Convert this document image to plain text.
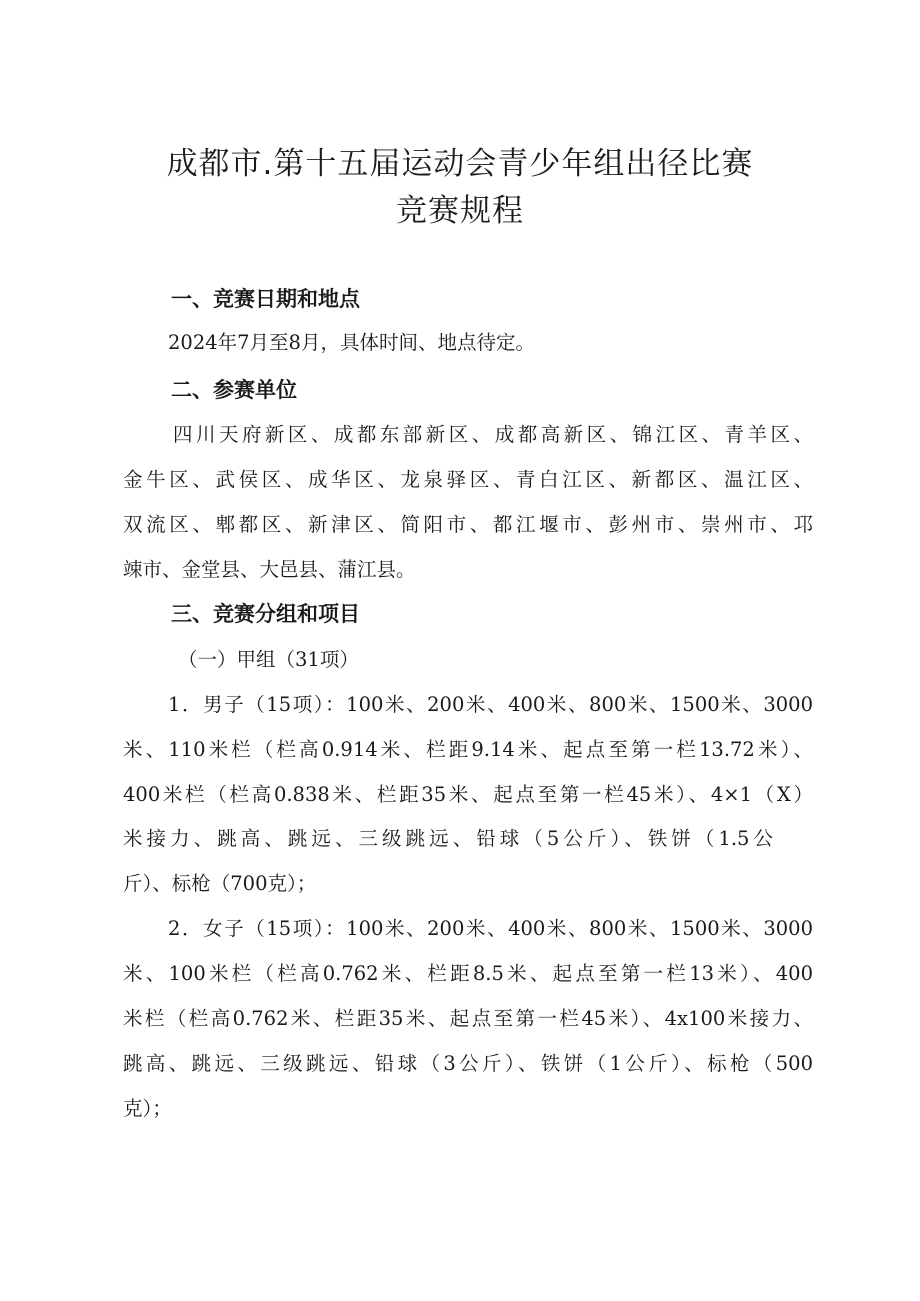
成都市.第十五届运动会青少年组出径比赛
竞赛规程
一、竞赛日期和地点
2024年7月至8月，具体时间、地点待定。
二、参赛单位
四川天府新区、成都东部新区、成都高新区、锦江区、青羊区、
金牛区、武侯区、成华区、龙泉驿区、青白江区、新都区、温江区、
双流区、郫都区、新津区、简阳市、都江堰市、彭州市、崇州市、邛
竦市、金堂县、大邑县、蒲江县。
三、竞赛分组和项目
（一）甲组（31项）
1．男子（15项）：100米、200米、400米、800米、1500米、3000
米、110米栏（栏高0.914米、栏距9.14米、起点至第一栏13.72米）、
400米栏（栏高0.838米、栏距35米、起点至第一栏45米）、4×1（X）
米接力、跳高、跳远、三级跳远、铅球（5公斤）、铁饼（1.5公
斤）、标枪（700克）；
2．女子（15项）：100米、200米、400米、800米、1500米、3000
米、100米栏（栏高0.762米、栏距8.5米、起点至第一栏13米）、400
米栏（栏高0.762米、栏距35米、起点至第一栏45米）、4x100米接力、
跳高、跳远、三级跳远、铅球（3公斤）、铁饼（1公斤）、标枪（500
克）；
